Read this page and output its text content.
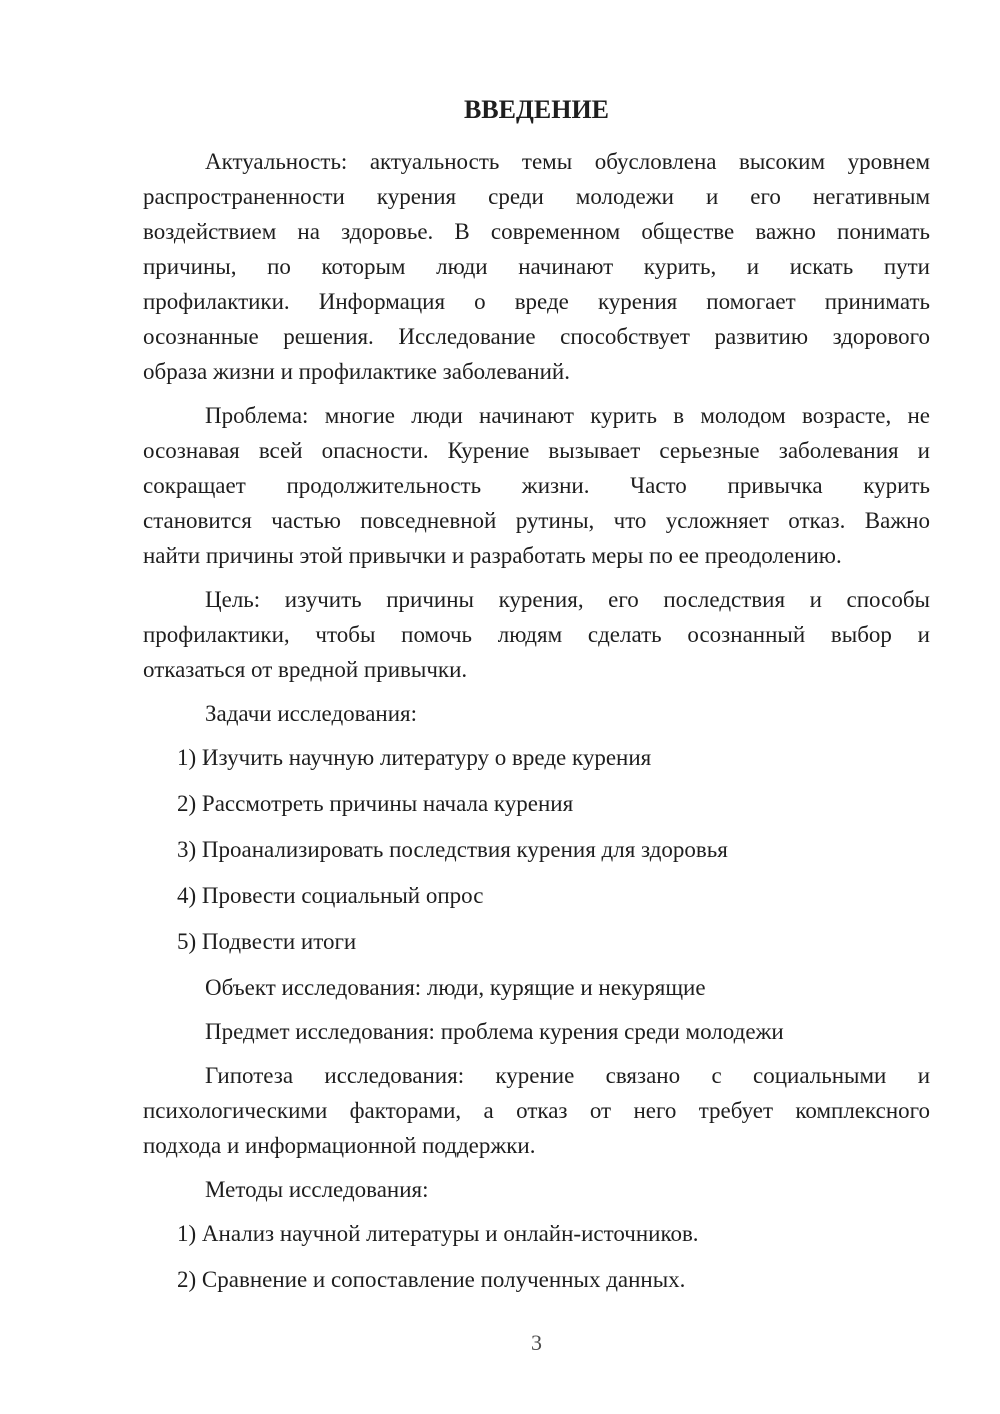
ВВЕДЕНИЕ
Актуальность: актуальность темы обусловлена высоким уровнем
распространенности курения среди молодежи и его негативным
воздействием на здоровье. В современном обществе важно понимать
причины, по которым люди начинают курить, и искать пути
профилактики. Информация о вреде курения помогает принимать
осознанные решения. Исследование способствует развитию здорового
образа жизни и профилактике заболеваний.
Проблема: многие люди начинают курить в молодом возрасте, не
осознавая всей опасности. Курение вызывает серьезные заболевания и
сокращает продолжительность жизни. Часто привычка курить
становится частью повседневной рутины, что усложняет отказ. Важно
найти причины этой привычки и разработать меры по ее преодолению.
Цель: изучить причины курения, его последствия и способы
профилактики, чтобы помочь людям сделать осознанный выбор и
отказаться от вредной привычки.
Задачи исследования:
1) Изучить научную литературу о вреде курения
2) Рассмотреть причины начала курения
3) Проанализировать последствия курения для здоровья
4) Провести социальный опрос
5) Подвести итоги
Объект исследования: люди, курящие и некурящие
Предмет исследования: проблема курения среди молодежи
Гипотеза исследования: курение связано с социальными и
психологическими факторами, а отказ от него требует комплексного
подхода и информационной поддержки.
Методы исследования:
1) Анализ научной литературы и онлайн-источников.
2) Сравнение и сопоставление полученных данных.
3
